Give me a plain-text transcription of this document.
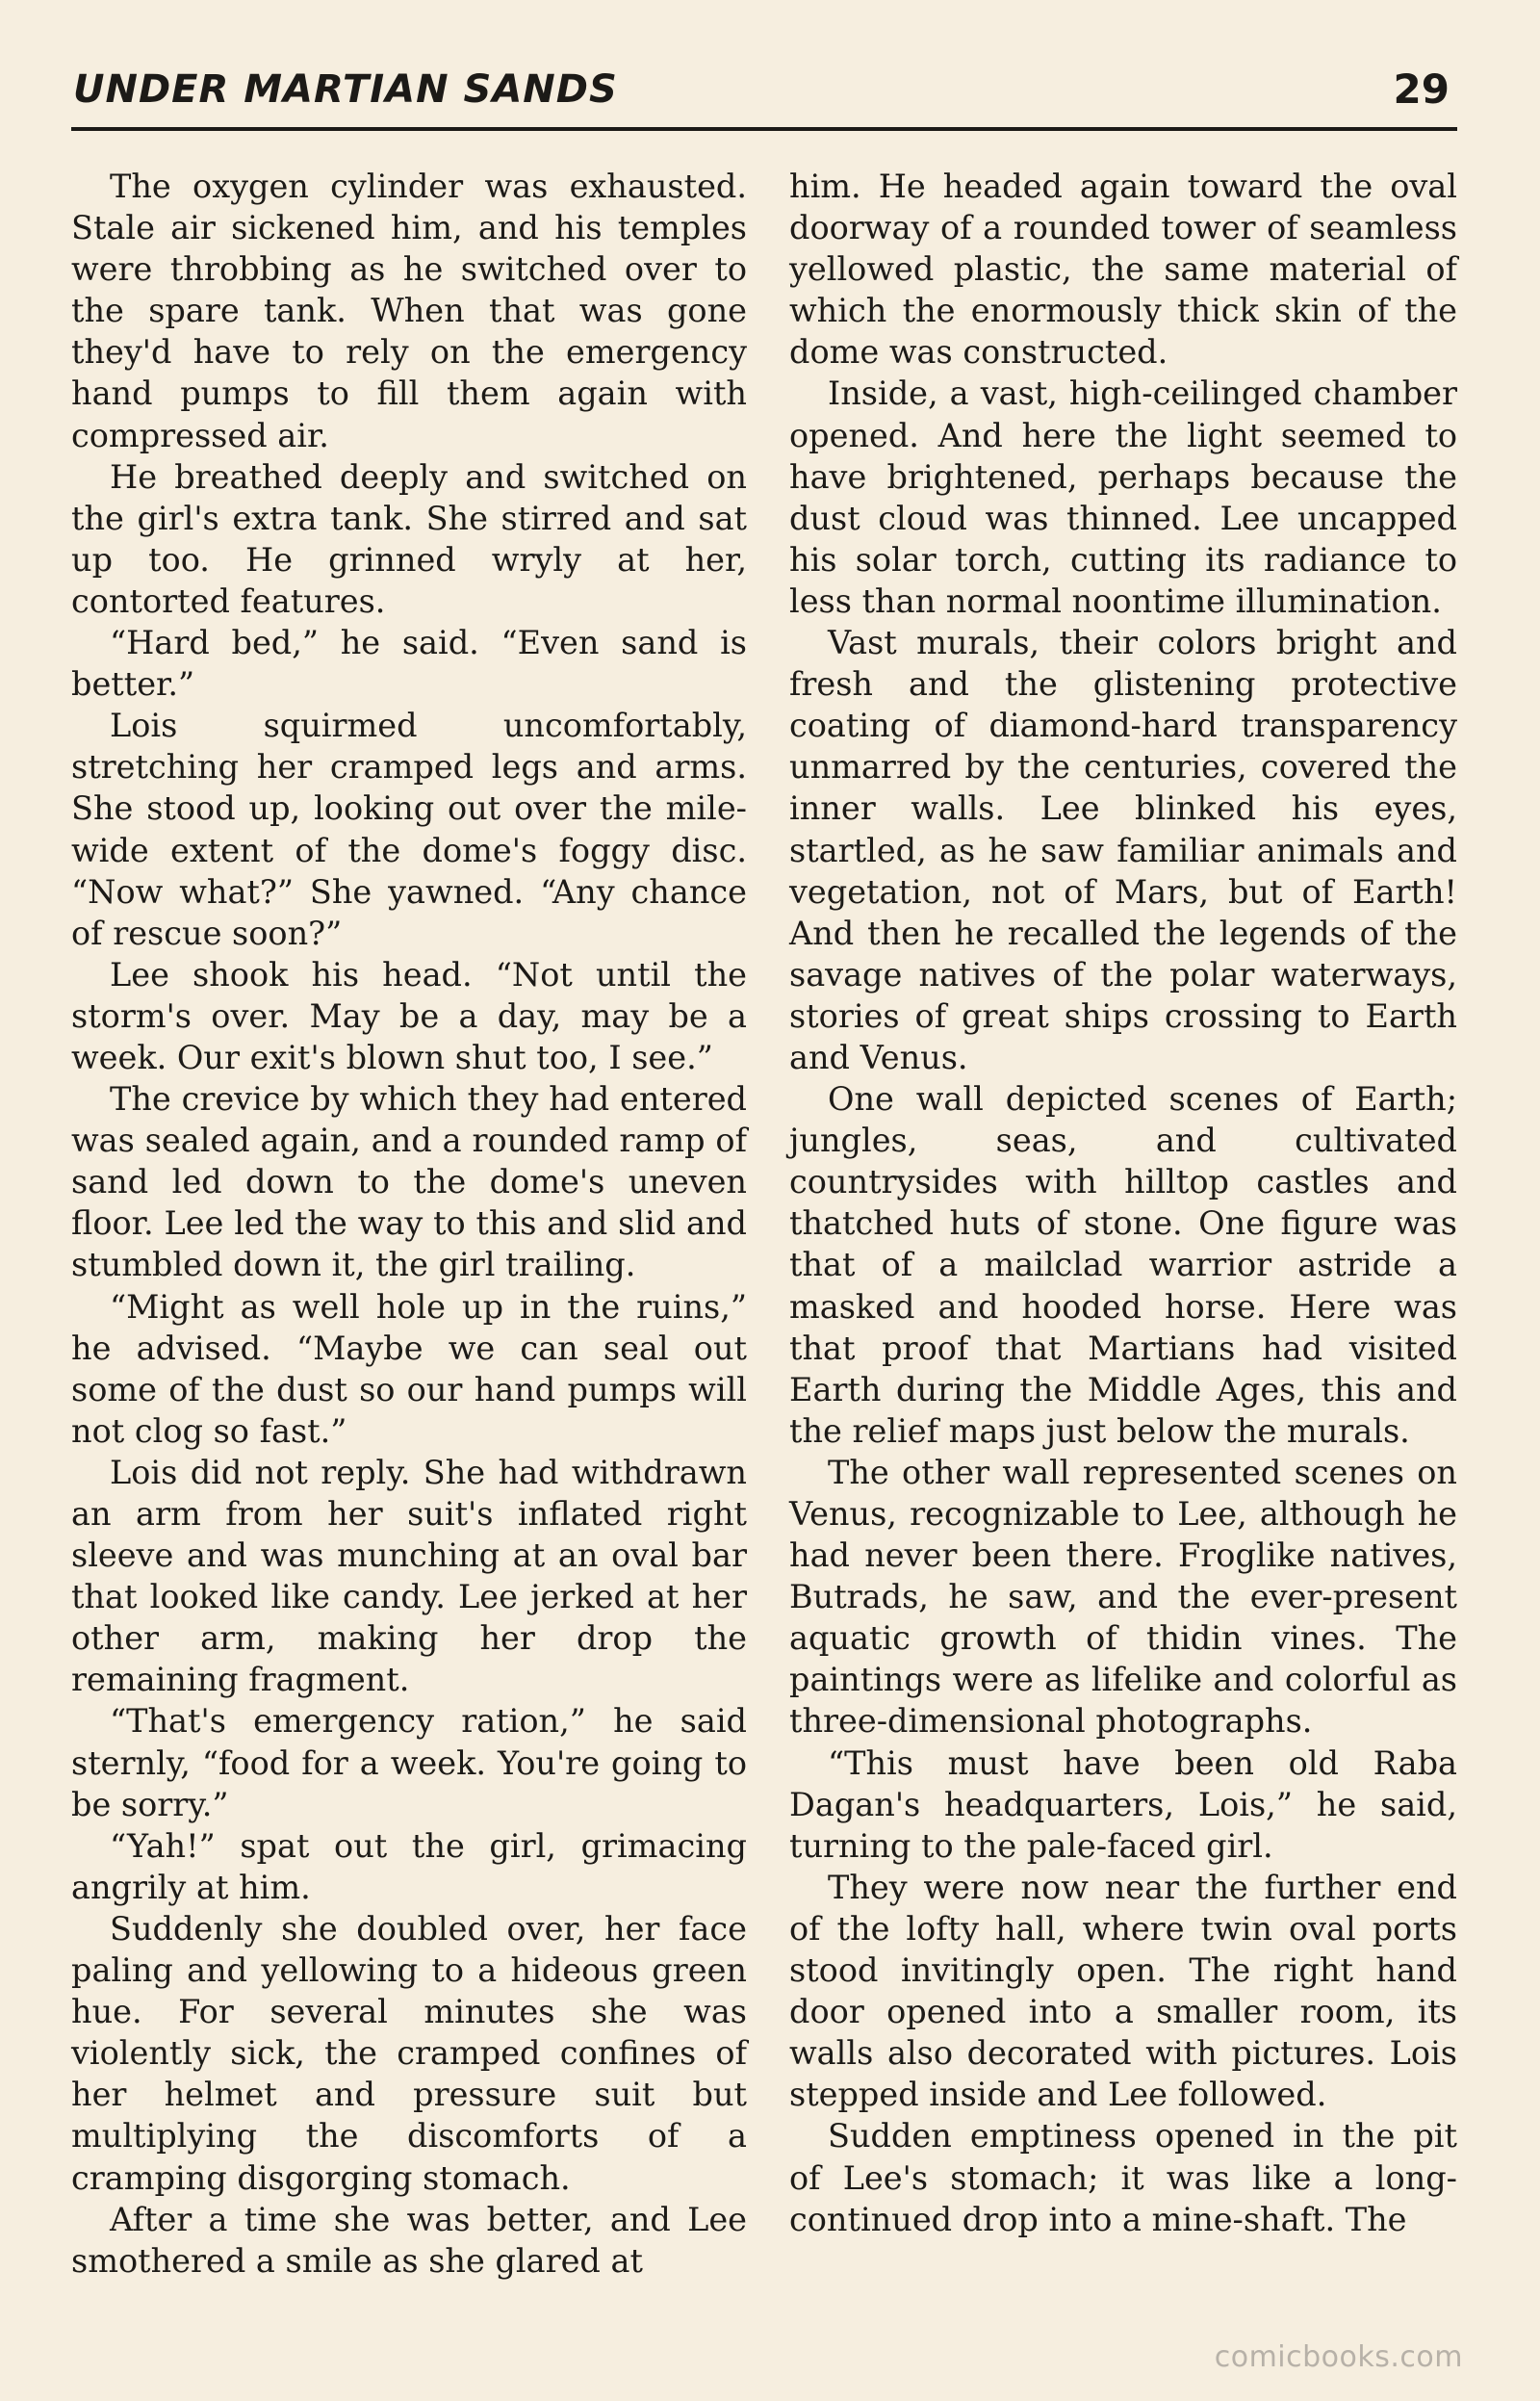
UNDER MARTIAN SANDS	29

The oxygen cylinder was exhausted. Stale air sickened him, and his temples were throbbing as he switched over to the spare tank. When that was gone they'd have to rely on the emergency hand pumps to fill them again with compressed air.

He breathed deeply and switched on the girl's extra tank. She stirred and sat up too. He grinned wryly at her, contorted features.

“Hard bed,” he said. “Even sand is better.”

Lois squirmed uncomfortably, stretching her cramped legs and arms. She stood up, looking out over the mile-wide extent of the dome's foggy disc. “Now what?” She yawned. “Any chance of rescue soon?”

Lee shook his head. “Not until the storm's over. May be a day, may be a week. Our exit's blown shut too, I see.”

The crevice by which they had entered was sealed again, and a rounded ramp of sand led down to the dome's uneven floor. Lee led the way to this and slid and stumbled down it, the girl trailing.

“Might as well hole up in the ruins,” he advised. “Maybe we can seal out some of the dust so our hand pumps will not clog so fast.”

Lois did not reply. She had withdrawn an arm from her suit's inflated right sleeve and was munching at an oval bar that looked like candy. Lee jerked at her other arm, making her drop the remaining fragment.

“That's emergency ration,” he said sternly, “food for a week. You're going to be sorry.”

“Yah!” spat out the girl, grimacing angrily at him.

Suddenly she doubled over, her face paling and yellowing to a hideous green hue. For several minutes she was violently sick, the cramped confines of her helmet and pressure suit but multiplying the discomforts of a cramping disgorging stomach.

After a time she was better, and Lee smothered a smile as she glared at

him. He headed again toward the oval doorway of a rounded tower of seamless yellowed plastic, the same material of which the enormously thick skin of the dome was constructed.

Inside, a vast, high-ceilinged chamber opened. And here the light seemed to have brightened, perhaps because the dust cloud was thinned. Lee uncapped his solar torch, cutting its radiance to less than normal noontime illumination.

Vast murals, their colors bright and fresh and the glistening protective coating of diamond-hard transparency unmarred by the centuries, covered the inner walls. Lee blinked his eyes, startled, as he saw familiar animals and vegetation, not of Mars, but of Earth! And then he recalled the legends of the savage natives of the polar waterways, stories of great ships crossing to Earth and Venus.

One wall depicted scenes of Earth; jungles, seas, and cultivated countrysides with hilltop castles and thatched huts of stone. One figure was that of a mailclad warrior astride a masked and hooded horse. Here was that proof that Martians had visited Earth during the Middle Ages, this and the relief maps just below the murals.

The other wall represented scenes on Venus, recognizable to Lee, although he had never been there. Froglike natives, Butrads, he saw, and the ever-present aquatic growth of thidin vines. The paintings were as lifelike and colorful as three-dimensional photographs.

“This must have been old Raba Dagan's headquarters, Lois,” he said, turning to the pale-faced girl.

They were now near the further end of the lofty hall, where twin oval ports stood invitingly open. The right hand door opened into a smaller room, its walls also decorated with pictures. Lois stepped inside and Lee followed.

Sudden emptiness opened in the pit of Lee's stomach; it was like a long-continued drop into a mine-shaft. The

comicbooks.com
